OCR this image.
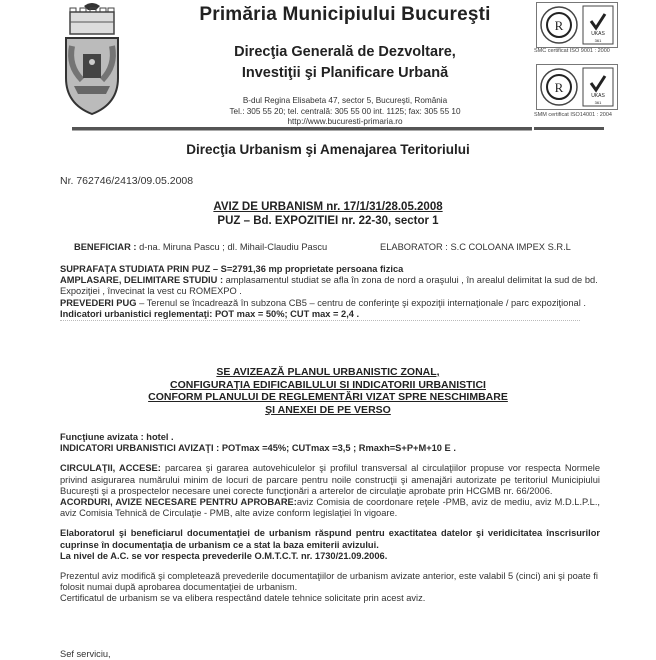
Primăria Municipiului Bucureşti
Direcţia Generală de Dezvoltare,
Investiţii şi Planificare Urbană
B-dul Regina Elisabeta 47, sector 5, Bucureşti, România
Tel.: 305 55 20; tel. centrală: 305 55 00 int. 1125; fax: 305 55 10
http://www.bucuresti-primaria.ro
R
UKAS
361
SMC certificat ISO 9001 : 2000
R
UKAS
361
SMM certificat ISO14001 : 2004
Direcţia Urbanism şi Amenajarea Teritoriului
Nr. 762746/2413/09.05.2008
AVIZ DE URBANISM nr. 17/1/31/28.05.2008
PUZ – Bd. EXPOZITIEI nr. 22-30, sector 1
BENEFICIAR : d-na. Miruna Pascu ; dl. Mihail-Claudiu Pascu	ELABORATOR : S.C COLOANA IMPEX S.R.L

SUPRAFAŢA STUDIATA PRIN PUZ – S=2791,36 mp proprietate persoana fizica

AMPLASARE, DELIMITARE STUDIU : amplasamentul studiat se afla în zona de nord a oraşului , în arealul delimitat la sud de bd. Expoziţiei , învecinat la vest cu ROMEXPO .

PREVEDERI PUG – Terenul se încadrează în subzona CB5 – centru de conferinţe şi expoziţii internaţionale / parc expoziţional .

Indicatori urbanistici reglementaţi: POT max = 50%; CUT max = 2,4 .

SE AVIZEAZĂ PLANUL URBANISTIC ZONAL,
CONFIGURAŢIA EDIFICABILULUI SI INDICATORII URBANISTICI
CONFORM PLANULUI DE REGLEMENTĂRI VIZAT SPRE NESCHIMBARE
ŞI ANEXEI DE PE VERSO

Funcţiune avizata : hotel .

INDICATORI URBANISTICI AVIZAŢI : POTmax =45%; CUTmax =3,5 ; Rmaxh=S+P+M+10 E .

CIRCULAŢII, ACCESE: parcarea şi gararea autovehiculelor şi profilul transversal al circulaţiilor propuse vor respecta Normele privind asigurarea numărului minim de locuri de parcare pentru noile construcţii şi amenajări autorizate pe teritoriul Municipiului Bucureşti şi a prospectelor necesare unei corecte funcţionări a arterelor de circulaţie aprobate prin HCGMB nr. 66/2006.

ACORDURI, AVIZE NECESARE PENTRU APROBARE:aviz Comisia de coordonare reţele -PMB, aviz de mediu, aviz M.D.L.P.L., aviz Comisia Tehnică de Circulaţie - PMB, alte avize conform legislaţiei în vigoare.

Elaboratorul şi beneficiarul documentaţiei de urbanism răspund pentru exactitatea datelor şi veridicitatea înscrisurilor cuprinse în documentaţia de urbanism ce a stat la baza emiterii avizului.

La nivel de A.C. se vor respecta prevederile O.M.T.C.T. nr. 1730/21.09.2006.

Prezentul aviz modifică şi completează prevederile documentaţiilor de urbanism avizate anterior, este valabil 5 (cinci) ani şi poate fi folosit numai după aprobarea documentaţiei de urbanism.

Certificatul de urbanism se va elibera respectând datele tehnice solicitate prin acest aviz.

Sef serviciu,
